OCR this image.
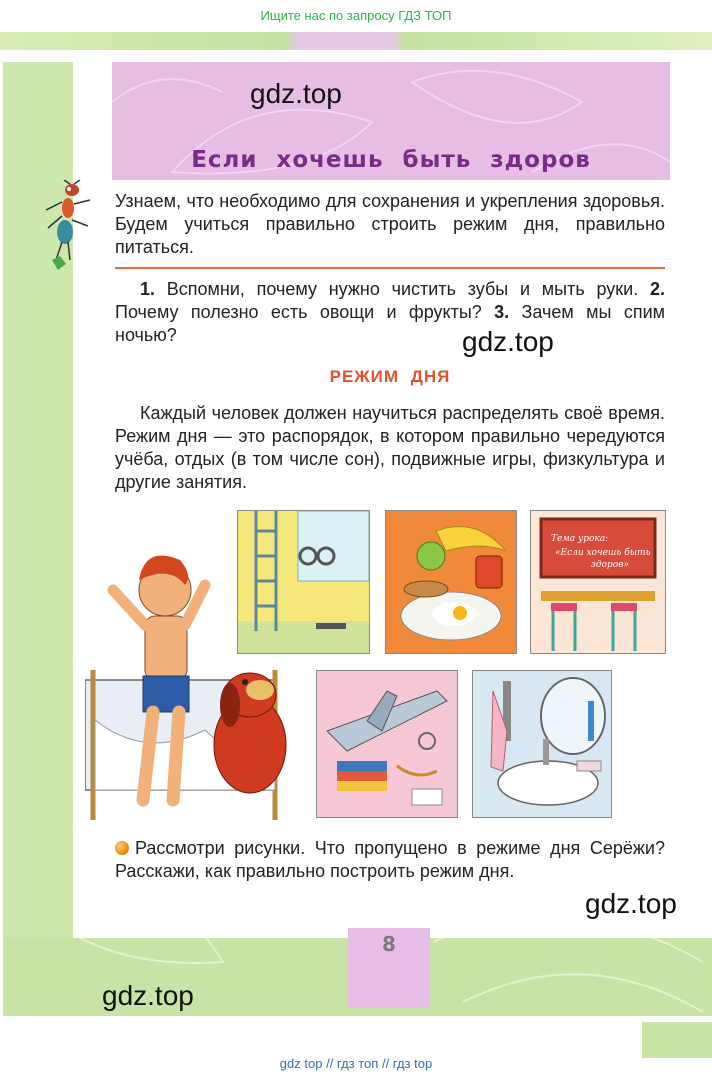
Ищите нас по запросу ГДЗ ТОП
Если хочешь быть здоров
gdz.top
Узнаем, что необходимо для сохранения и укрепления здоровья. Будем учиться правильно строить режим дня, правильно питаться.
1. Вспомни, почему нужно чистить зубы и мыть руки. 2. Почему полезно есть овощи и фрукты? 3. Зачем мы спим ночью?	gdz.top
РЕЖИМ ДНЯ
Каждый человек должен научиться распределять своё время. Режим дня — это распорядок, в котором правильно чередуются учёба, отдых (в том числе сон), подвижные игры, физкультура и другие занятия.
Тема урока:
«Если хочешь быть
здоров»
Рассмотри рисунки. Что пропущено в режиме дня Серёжи? Расскажи, как правильно построить режим дня.
gdz.top
8
gdz.top
gdz top // гдз топ // гдз top
